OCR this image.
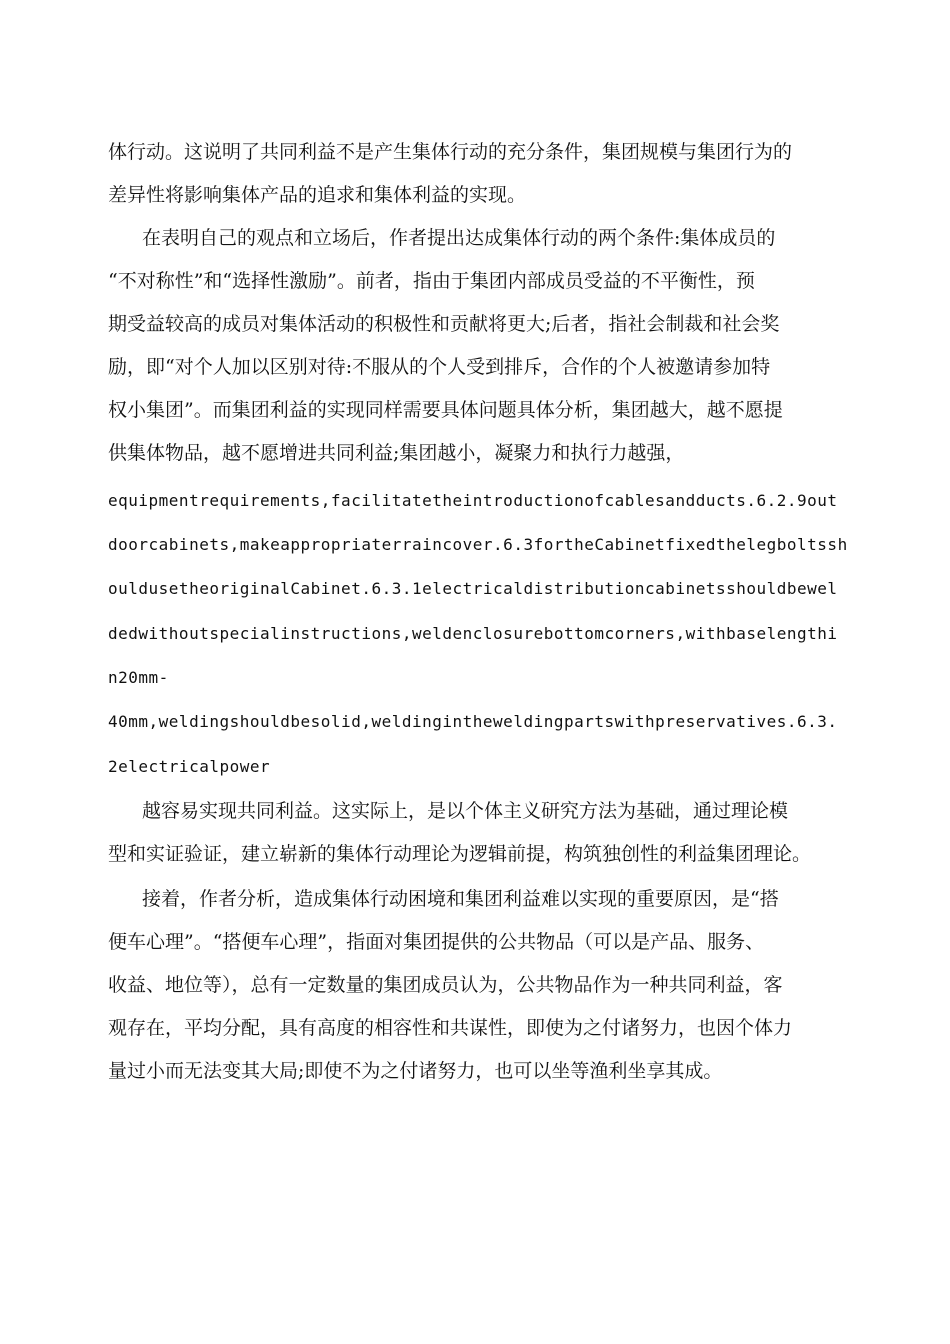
体行动。这说明了共同利益不是产生集体行动的充分条件，集团规模与集团行为的
差异性将影响集体产品的追求和集体利益的实现。
在表明自己的观点和立场后，作者提出达成集体行动的两个条件:集体成员的
“不对称性”和“选择性激励”。前者，指由于集团内部成员受益的不平衡性，预
期受益较高的成员对集体活动的积极性和贡献将更大;后者，指社会制裁和社会奖
励，即“对个人加以区别对待:不服从的个人受到排斥，合作的个人被邀请参加特
权小集团”。而集团利益的实现同样需要具体问题具体分析，集团越大，越不愿提
供集体物品，越不愿增进共同利益;集团越小，凝聚力和执行力越强，
equipmentrequirements,facilitatetheintroductionofcablesandducts.6.2.9out
doorcabinets,makeappropriaterraincover.6.3fortheCabinetfixedthelegboltssh
ouldusetheoriginalCabinet.6.3.1electricaldistributioncabinetsshouldbewel
dedwithoutspecialinstructions,weldenclosurebottomcorners,withbaselengthi
n20mm-
40mm,weldingshouldbesolid,weldingintheweldingpartswithpreservatives.6.3.
2electricalpower
越容易实现共同利益。这实际上，是以个体主义研究方法为基础，通过理论模
型和实证验证，建立崭新的集体行动理论为逻辑前提，构筑独创性的利益集团理论。
接着，作者分析，造成集体行动困境和集团利益难以实现的重要原因，是“搭
便车心理”。“搭便车心理”，指面对集团提供的公共物品（可以是产品、服务、
收益、地位等），总有一定数量的集团成员认为，公共物品作为一种共同利益，客
观存在，平均分配，具有高度的相容性和共谋性，即使为之付诸努力，也因个体力
量过小而无法变其大局;即使不为之付诸努力，也可以坐等渔利坐享其成。
